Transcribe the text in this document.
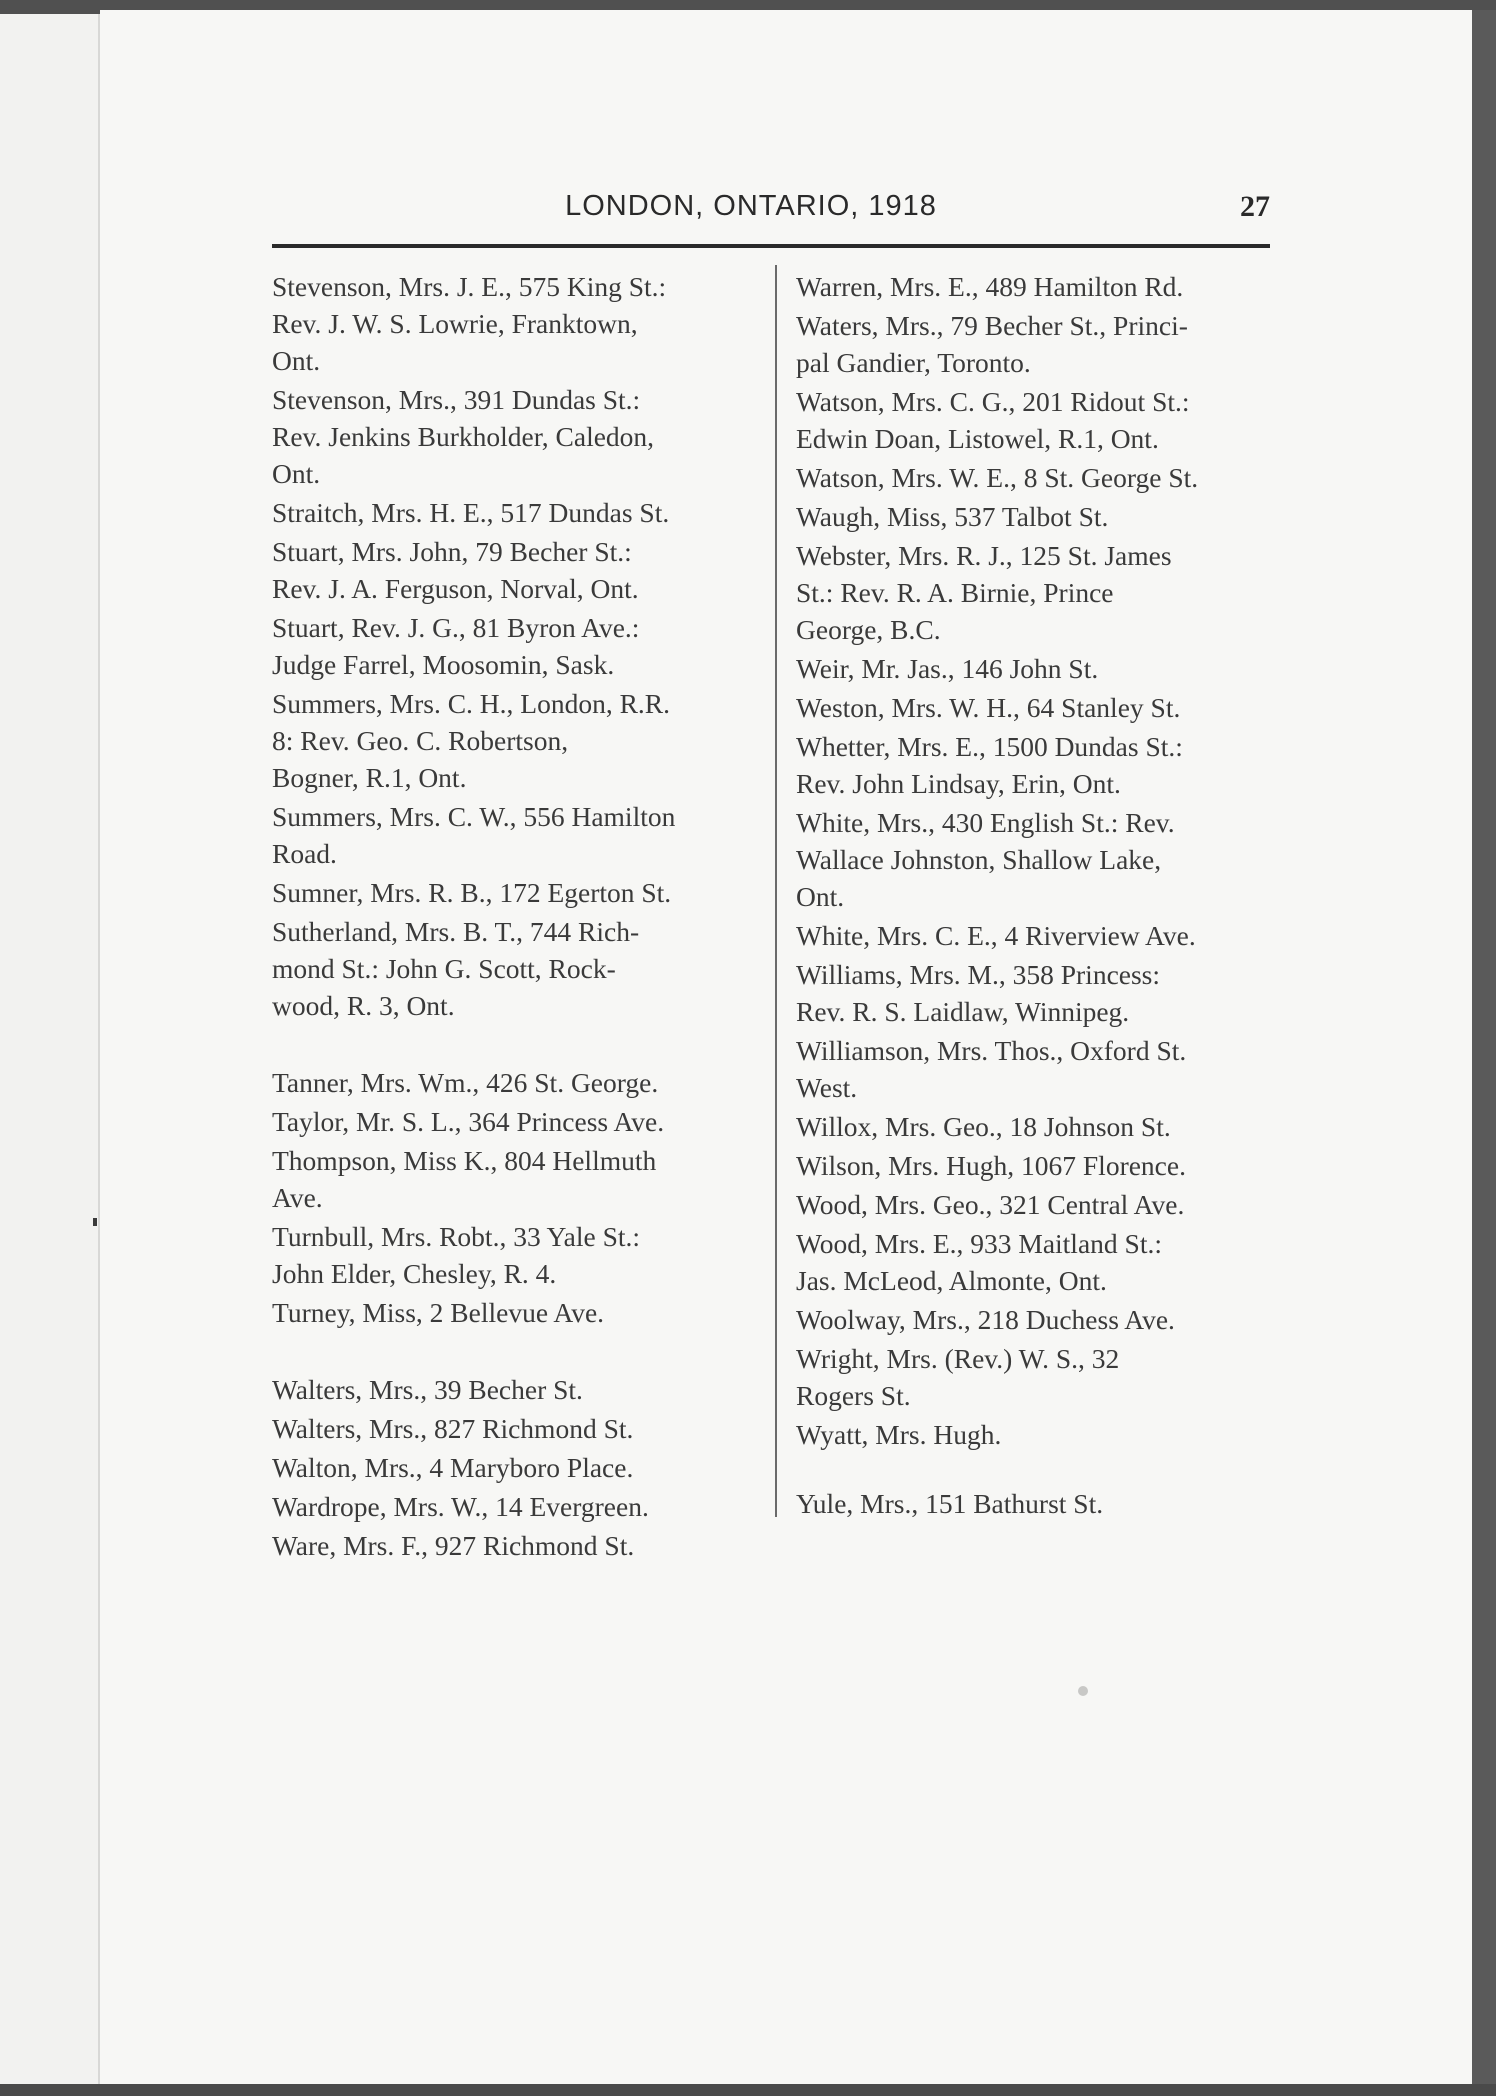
LONDON, ONTARIO, 1918	27
Stevenson, Mrs. J. E., 575 King St.:
Rev. J. W. S. Lowrie, Franktown,
Ont.
Stevenson, Mrs., 391 Dundas St.:
Rev. Jenkins Burkholder, Caledon,
Ont.
Straitch, Mrs. H. E., 517 Dundas St.
Stuart, Mrs. John, 79 Becher St.:
Rev. J. A. Ferguson, Norval, Ont.
Stuart, Rev. J. G., 81 Byron Ave.:
Judge Farrel, Moosomin, Sask.
Summers, Mrs. C. H., London, R.R.
8: Rev. Geo. C. Robertson,
Bogner, R.1, Ont.
Summers, Mrs. C. W., 556 Hamilton
Road.
Sumner, Mrs. R. B., 172 Egerton St.
Sutherland, Mrs. B. T., 744 Rich-
mond St.: John G. Scott, Rock-
wood, R. 3, Ont.
Tanner, Mrs. Wm., 426 St. George.
Taylor, Mr. S. L., 364 Princess Ave.
Thompson, Miss K., 804 Hellmuth
Ave.
Turnbull, Mrs. Robt., 33 Yale St.:
John Elder, Chesley, R. 4.
Turney, Miss, 2 Bellevue Ave.
Walters, Mrs., 39 Becher St.
Walters, Mrs., 827 Richmond St.
Walton, Mrs., 4 Maryboro Place.
Wardrope, Mrs. W., 14 Evergreen.
Ware, Mrs. F., 927 Richmond St.
Warren, Mrs. E., 489 Hamilton Rd.
Waters, Mrs., 79 Becher St., Princi-
pal Gandier, Toronto.
Watson, Mrs. C. G., 201 Ridout St.:
Edwin Doan, Listowel, R.1, Ont.
Watson, Mrs. W. E., 8 St. George St.
Waugh, Miss, 537 Talbot St.
Webster, Mrs. R. J., 125 St. James
St.: Rev. R. A. Birnie, Prince
George, B.C.
Weir, Mr. Jas., 146 John St.
Weston, Mrs. W. H., 64 Stanley St.
Whetter, Mrs. E., 1500 Dundas St.:
Rev. John Lindsay, Erin, Ont.
White, Mrs., 430 English St.: Rev.
Wallace Johnston, Shallow Lake,
Ont.
White, Mrs. C. E., 4 Riverview Ave.
Williams, Mrs. M., 358 Princess:
Rev. R. S. Laidlaw, Winnipeg.
Williamson, Mrs. Thos., Oxford St.
West.
Willox, Mrs. Geo., 18 Johnson St.
Wilson, Mrs. Hugh, 1067 Florence.
Wood, Mrs. Geo., 321 Central Ave.
Wood, Mrs. E., 933 Maitland St.:
Jas. McLeod, Almonte, Ont.
Woolway, Mrs., 218 Duchess Ave.
Wright, Mrs. (Rev.) W. S., 32
Rogers St.
Wyatt, Mrs. Hugh.
Yule, Mrs., 151 Bathurst St.
